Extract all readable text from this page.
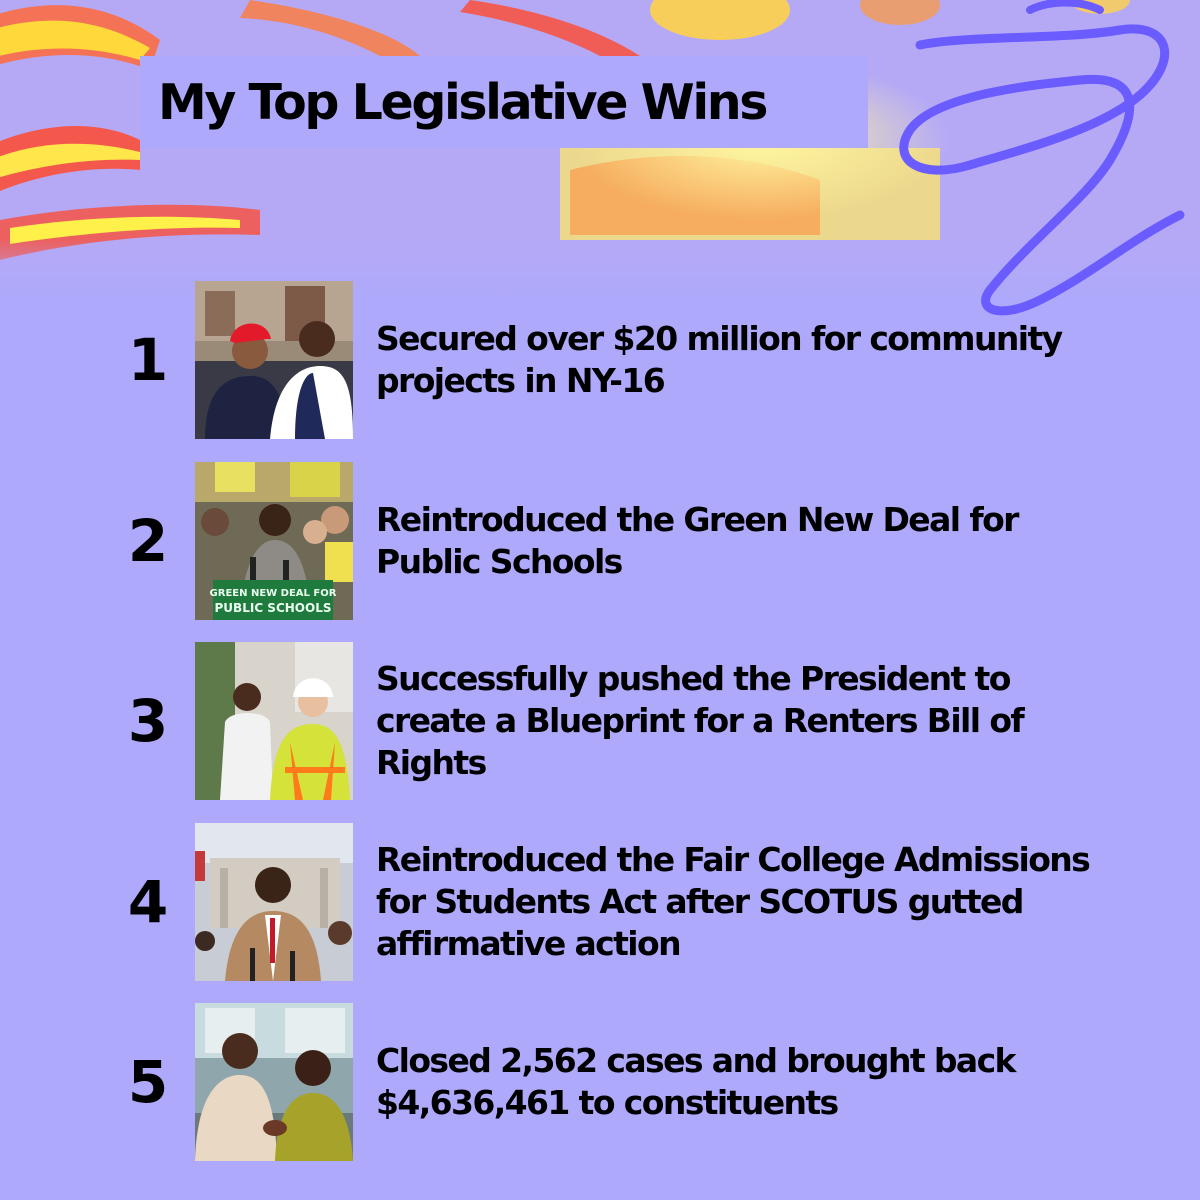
My Top Legislative Wins
1	Secured over $20 million for community projects in NY-16
2
GREEN NEW DEAL FOR
PUBLIC SCHOOLS
Reintroduced the Green New Deal for Public Schools
3
Successfully pushed the President to create a Blueprint for a Renters Bill of Rights
4
Reintroduced the Fair College Admissions for Students Act after SCOTUS gutted affirmative action
5	Closed 2,562 cases and brought back $4,636,461 to constituents
